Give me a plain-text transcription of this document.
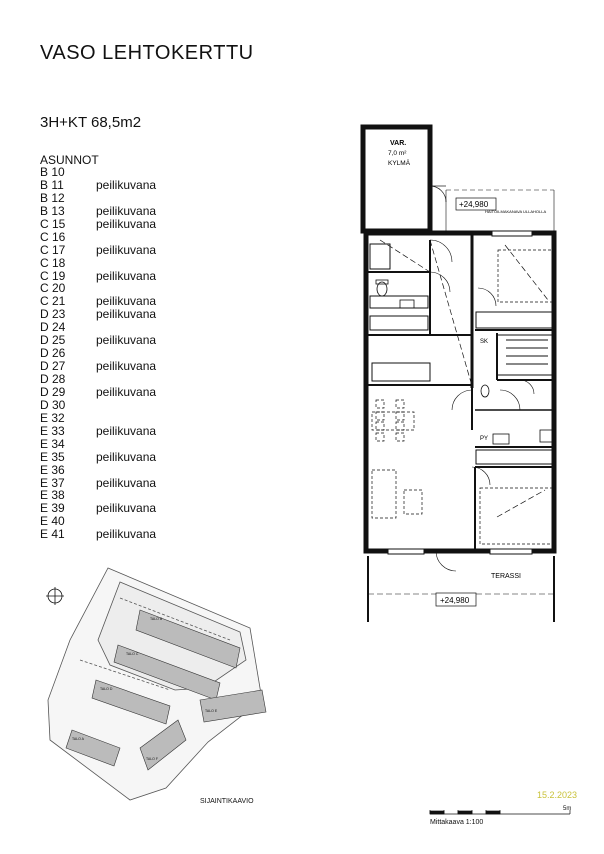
VASO LEHTOKERTTU
3H+KT 68,5m2
ASUNNOT
B 10
B 11	peilikuvana
B 12
B 13	peilikuvana
C 15	peilikuvana
C 16
C 17	peilikuvana
C 18
C 19	peilikuvana
C 20
C 21	peilikuvana
D 23	peilikuvana
D 24
D 25	peilikuvana
D 26
D 27	peilikuvana
D 28
D 29	peilikuvana
D 30
E 32
E 33	peilikuvana
E 34
E 35	peilikuvana
E 36
E 37	peilikuvana
E 38
E 39	peilikuvana
E 40
E 41	peilikuvana
VAR.
7,0 m²
KYLMÄ
+24,980
HAITOILMAKANAVA ULLAHOLLA
SK
PY
TERASSI
+24,980
TALO B
TALO C
TALO D
TALO E
TALO A
TALO F
SIJAINTIKAAVIO
15.2.2023
5m
Mittakaava 1:100
